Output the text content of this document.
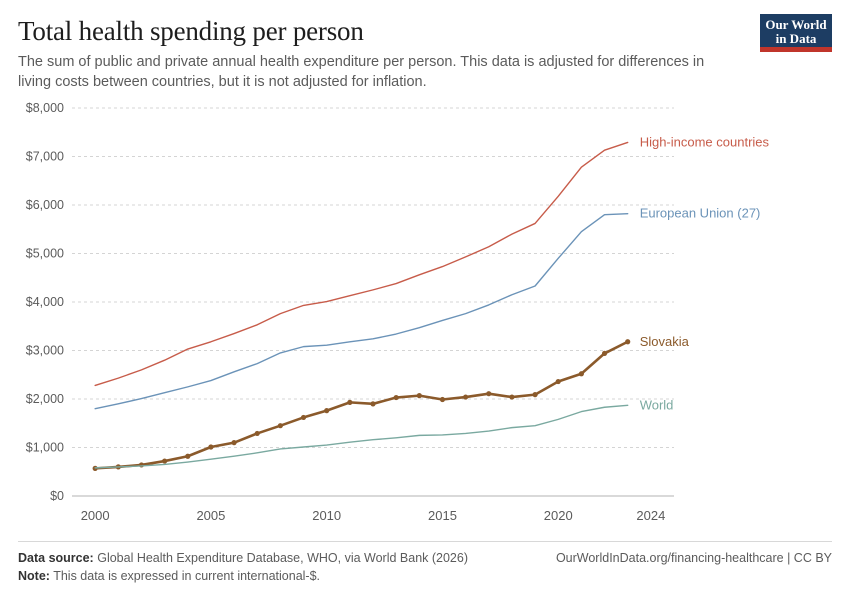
Our World
in Data
Total health spending per person

The sum of public and private annual health expenditure per person. This data is adjusted for differences in living costs between countries, but it is not adjusted for inflation.

$0
$1,000
$2,000
$3,000
$4,000
$5,000
$6,000
$7,000
$8,000
2000	2005	2010	2015	2020	2024
High-income countries
European Union (27)
Slovakia
World
Data source: Global Health Expenditure Database, WHO, via World Bank (2026)	OurWorldInData.org/financing-healthcare | CC BY
Note: This data is expressed in current international-$.
